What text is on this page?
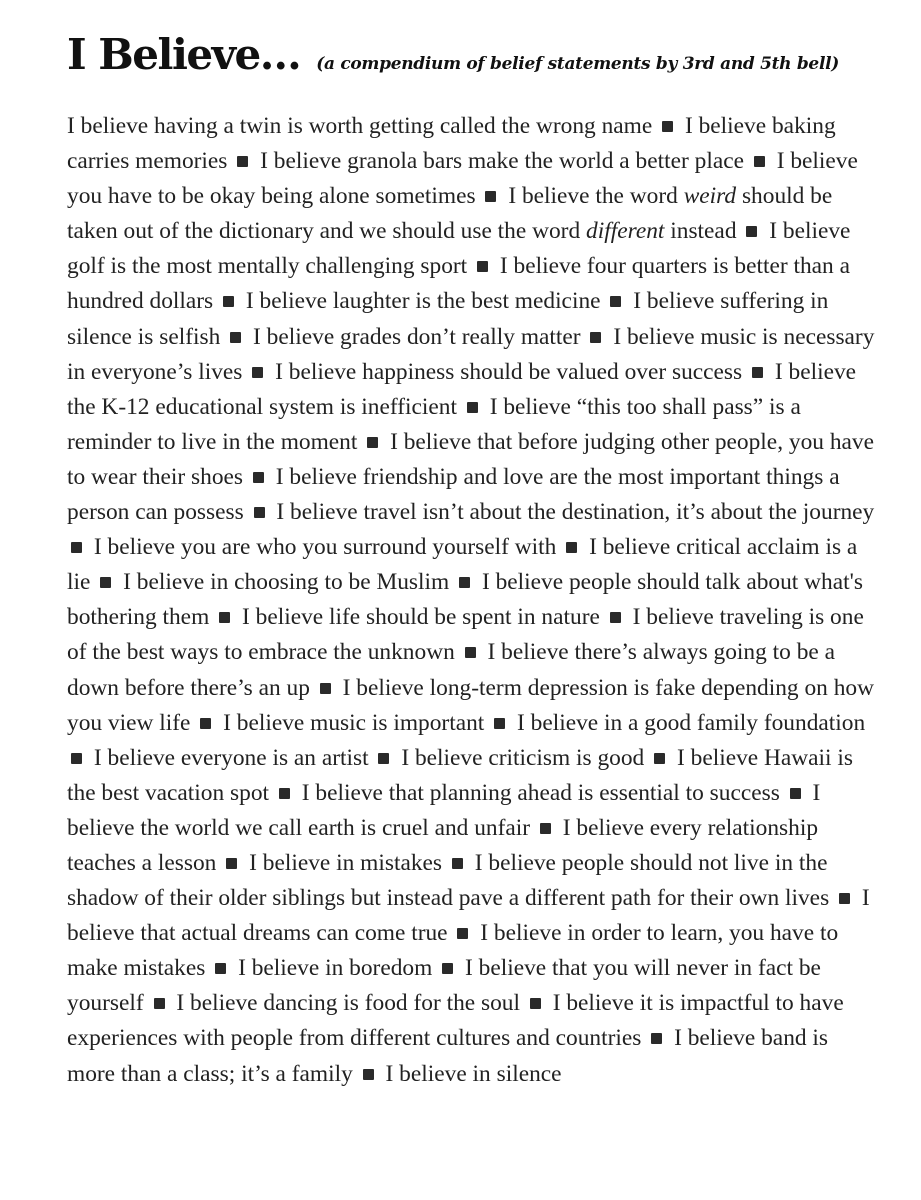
I Believe… (a compendium of belief statements by 3rd and 5th bell)

I believe having a twin is worth getting called the wrong name I believe baking carries memories I believe granola bars make the world a better place I believe you have to be okay being alone sometimes I believe the word weird should be taken out of the dictionary and we should use the word different instead I believe golf is the most mentally challenging sport I believe four quarters is better than a hundred dollars I believe laughter is the best medicine I believe suffering in silence is selfish I believe grades don’t really matter I believe music is necessary in everyone’s lives I believe happiness should be valued over success I believe the K-12 educational system is inefficient I believe “this too shall pass” is a reminder to live in the moment I believe that before judging other people, you have to wear their shoes I believe friendship and love are the most important things a person can possess I believe travel isn’t about the destination, it’s about the journey  I believe you are who you surround yourself with I believe critical acclaim is a lie I believe in choosing to be Muslim I believe people should talk about what's bothering them I believe life should be spent in nature I believe traveling is one of the best ways to embrace the unknown I believe there’s always going to be a down before there’s an up I believe long-term depression is fake depending on how you view life I believe music is important I believe in a good family foundation  I believe everyone is an artist I believe criticism is good I believe Hawaii is the best vacation spot I believe that planning ahead is essential to success I believe the world we call earth is cruel and unfair I believe every relationship teaches a lesson I believe in mistakes I believe people should not live in the shadow of their older siblings but instead pave a different path for their own lives I believe that actual dreams can come true I believe in order to learn, you have to make mistakes I believe in boredom I believe that you will never in fact be yourself I believe dancing is food for the soul I believe it is impactful to have experiences with people from different cultures and countries I believe band is more than a class; it’s a family I believe in silence
